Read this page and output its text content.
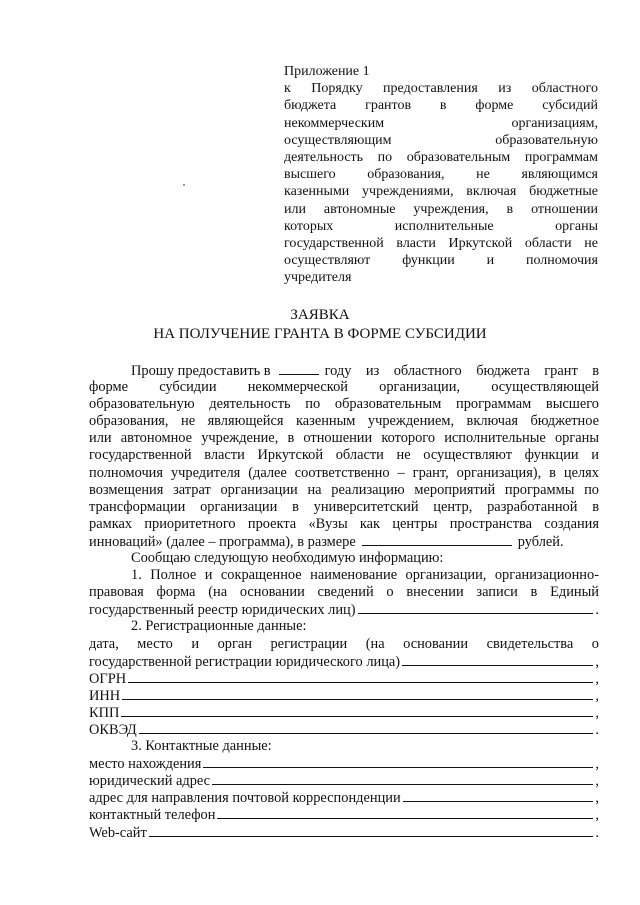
Приложение 1
к Порядку предоставления из областного
бюджета грантов в форме субсидий
некоммерческим организациям,
осуществляющим образовательную
деятельность по образовательным программам
высшего образования, не являющимся
казенными учреждениями, включая бюджетные
или автономные учреждения, в отношении
которых исполнительные органы
государственной власти Иркутской области не
осуществляют функции и полномочия
учредителя
ЗАЯВКА
НА ПОЛУЧЕНИЕ ГРАНТА В ФОРМЕ СУБСИДИИ
Прошу предоставить в	году из областного бюджета грант в
форме субсидии некоммерческой организации, осуществляющей
образовательную деятельность по образовательным программам высшего
образования, не являющейся казенным учреждением, включая бюджетное
или автономное учреждение, в отношении которого исполнительные органы
государственной власти Иркутской области не осуществляют функции и
полномочия учредителя (далее соответственно – грант, организация), в целях
возмещения затрат организации на реализацию мероприятий программы по
трансформации организации в университетский центр, разработанной в
рамках приоритетного проекта «Вузы как центры пространства создания
инноваций» (далее – программа), в размере	рублей.
Сообщаю следующую необходимую информацию:
1. Полное и сокращенное наименование организации, организационно-
правовая форма (на основании сведений о внесении записи в Единый
государственный реестр юридических лиц)	.
2. Регистрационные данные:
дата, место и орган регистрации (на основании свидетельства о
государственной регистрации юридического лица)	,
ОГРН	,
ИНН	,
КПП	,
ОКВЭД	.
3. Контактные данные:
место нахождения	,
юридический адрес	,
адрес для направления почтовой корреспонденции	,
контактный телефон	,
Web-сайт	.
